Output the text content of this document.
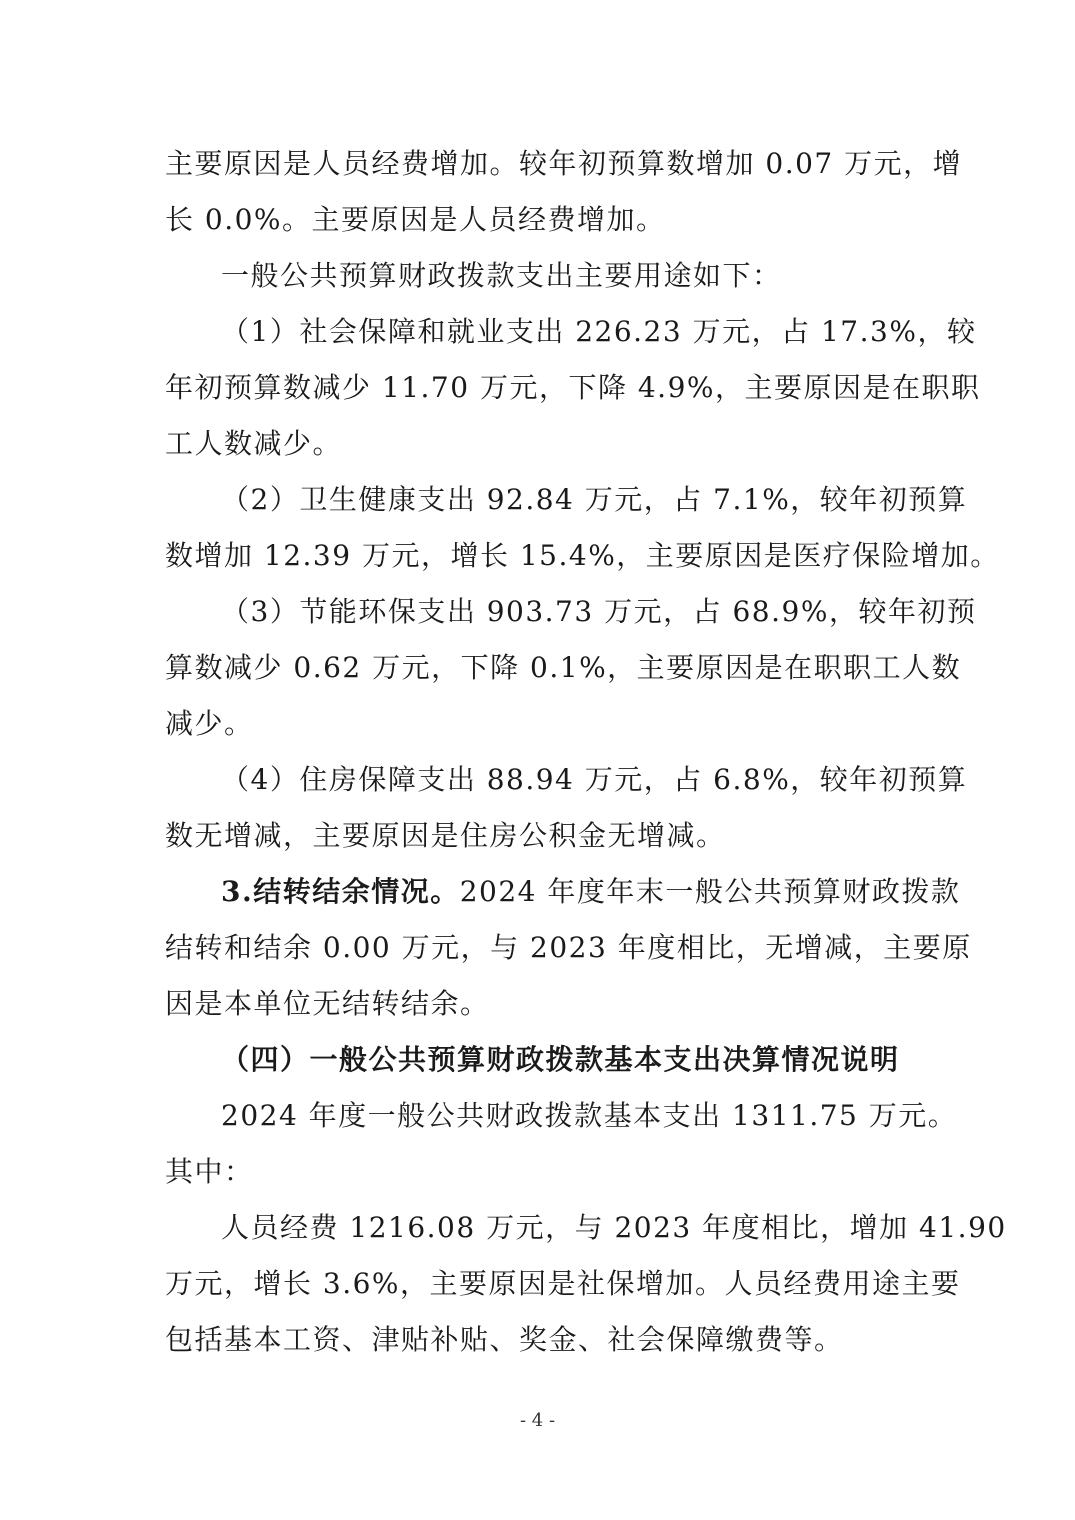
主要原因是人员经费增加。较年初预算数增加 0.07 万元，增
长 0.0%。主要原因是人员经费增加。
一般公共预算财政拨款支出主要用途如下：
（1）社会保障和就业支出 226.23 万元，占 17.3%，较
年初预算数减少 11.70 万元，下降 4.9%，主要原因是在职职
工人数减少。
（2）卫生健康支出 92.84 万元，占 7.1%，较年初预算
数增加 12.39 万元，增长 15.4%，主要原因是医疗保险增加。
（3）节能环保支出 903.73 万元，占 68.9%，较年初预
算数减少 0.62 万元，下降 0.1%，主要原因是在职职工人数
减少。
（4）住房保障支出 88.94 万元，占 6.8%，较年初预算
数无增减，主要原因是住房公积金无增减。
3.结转结余情况。2024 年度年末一般公共预算财政拨款
结转和结余 0.00 万元，与 2023 年度相比，无增减，主要原
因是本单位无结转结余。
（四）一般公共预算财政拨款基本支出决算情况说明
2024 年度一般公共财政拨款基本支出 1311.75 万元。
其中：
人员经费 1216.08 万元，与 2023 年度相比，增加 41.90
万元，增长 3.6%，主要原因是社保增加。人员经费用途主要
包括基本工资、津贴补贴、奖金、社会保障缴费等。
- 4 -
